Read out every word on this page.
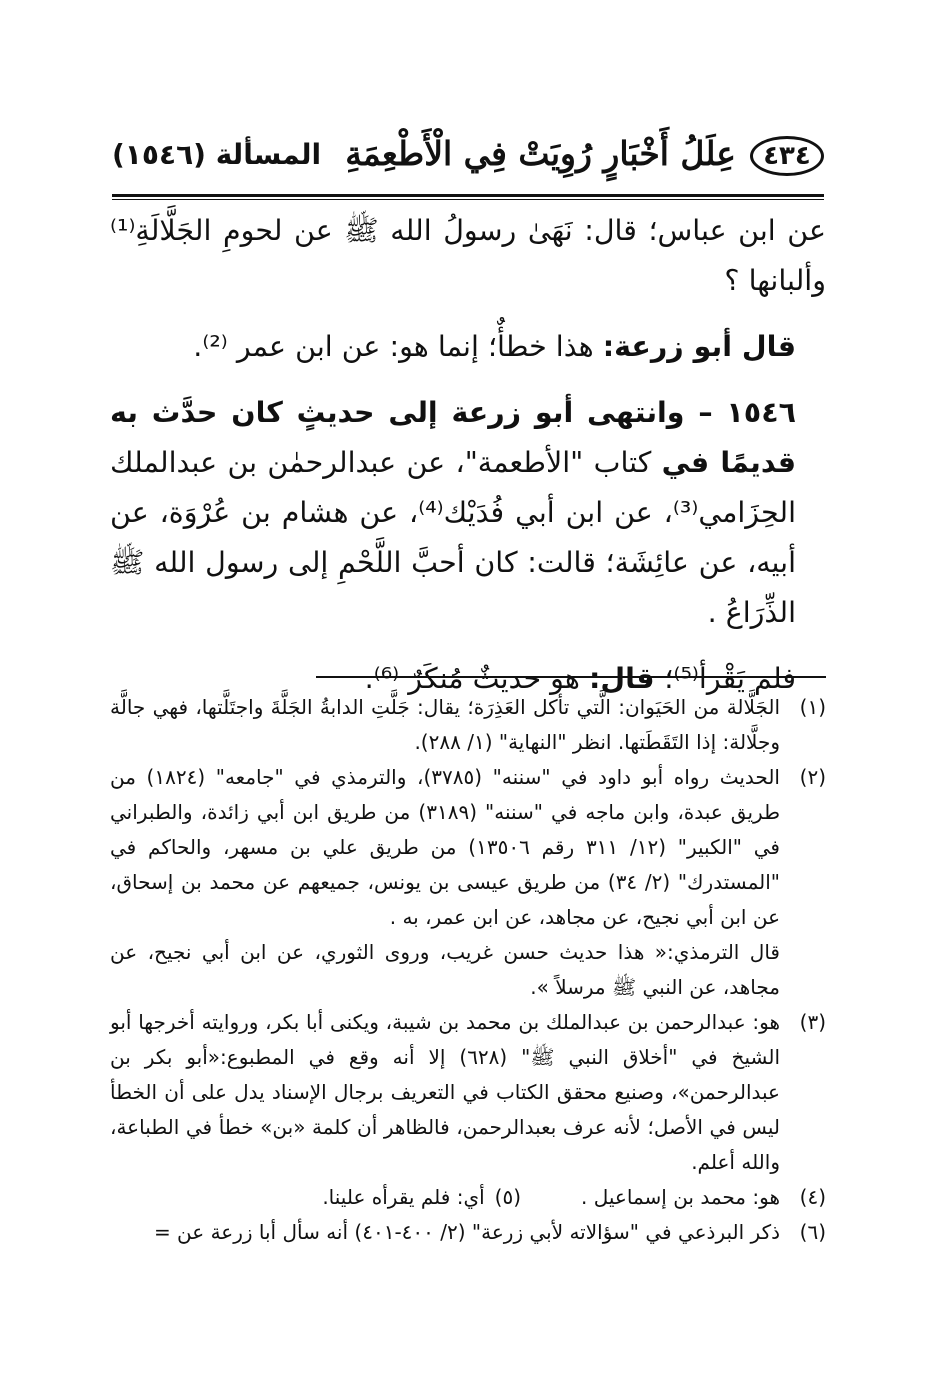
٤٣٤
عِلَلُ أَخْبَارٍ رُوِيَتْ فِي الْأَطْعِمَةِ
المسألة (١٥٤٦)

عن ابن عباس؛ قال: نَهَىٰ رسولُ الله ﷺ عن لحومِ الجَلَّالَةِ⁽¹⁾ وألبانها ؟

قال أبو زرعة: هذا خطأٌ؛ إنما هو: عن ابن عمر ⁽²⁾.

١٥٤٦ – وانتهى أبو زرعة إلى حديثٍ كان حدَّث به قديمًا في كتاب "الأطعمة"، عن عبدالرحمٰن بن عبدالملك الحِزَامي⁽³⁾، عن ابن أبي فُدَيْك⁽⁴⁾، عن هشام بن عُرْوَة، عن أبيه، عن عائِشَة؛ قالت: كان أحبَّ اللَّحْمِ إلى رسول الله ﷺ الذِّرَاعُ .

فلم يَقْرأ⁽⁵⁾؛ قال: هو حديثٌ مُنكَرٌ ⁽⁶⁾.

(١)
الجَلَّالة من الحَيَوان: الَّتي تأكل العَذِرَة؛ يقال: جَلَّتِ الدابةُ الجَلَّةَ واجتَلَّتها، فهي جالَّة وجلَّالة: إذا التَقَطَتها. انظر "النهاية" (١/ ٢٨٨).
(٢)
الحديث رواه أبو داود في "سننه" (٣٧٨٥)، والترمذي في "جامعه" (١٨٢٤) من طريق عبدة، وابن ماجه في "سننه" (٣١٨٩) من طريق ابن أبي زائدة، والطبراني في "الكبير" (١٢/ ٣١١ رقم ١٣٥٠٦) من طريق علي بن مسهر، والحاكم في "المستدرك" (٢/ ٣٤) من طريق عيسى بن يونس، جميعهم عن محمد بن إسحاق، عن ابن أبي نجيح، عن مجاهد، عن ابن عمر، به .
قال الترمذي:« هذا حديث حسن غريب، وروى الثوري، عن ابن أبي نجيح، عن مجاهد، عن النبي ﷺ مرسلاً ».
(٣)
هو: عبدالرحمن بن عبدالملك بن محمد بن شيبة، ويكنى أبا بكر، وروايته أخرجها أبو الشيخ في "أخلاق النبي ﷺ" (٦٢٨) إلا أنه وقع في المطبوع:«أبو بكر بن عبدالرحمن»، وصنيع محقق الكتاب في التعريف برجال الإسناد يدل على أن الخطأ ليس في الأصل؛ لأنه عرف بعبدالرحمن، فالظاهر أن كلمة «بن» خطأ في الطباعة، والله أعلم.
(٤)
هو: محمد بن إسماعيل .
(٥)
أي: فلم يقرأه علينا.
(٦)
ذكر البرذعي في "سؤالاته لأبي زرعة" (٢/ ٤٠٠-٤٠١) أنه سأل أبا زرعة عن =
